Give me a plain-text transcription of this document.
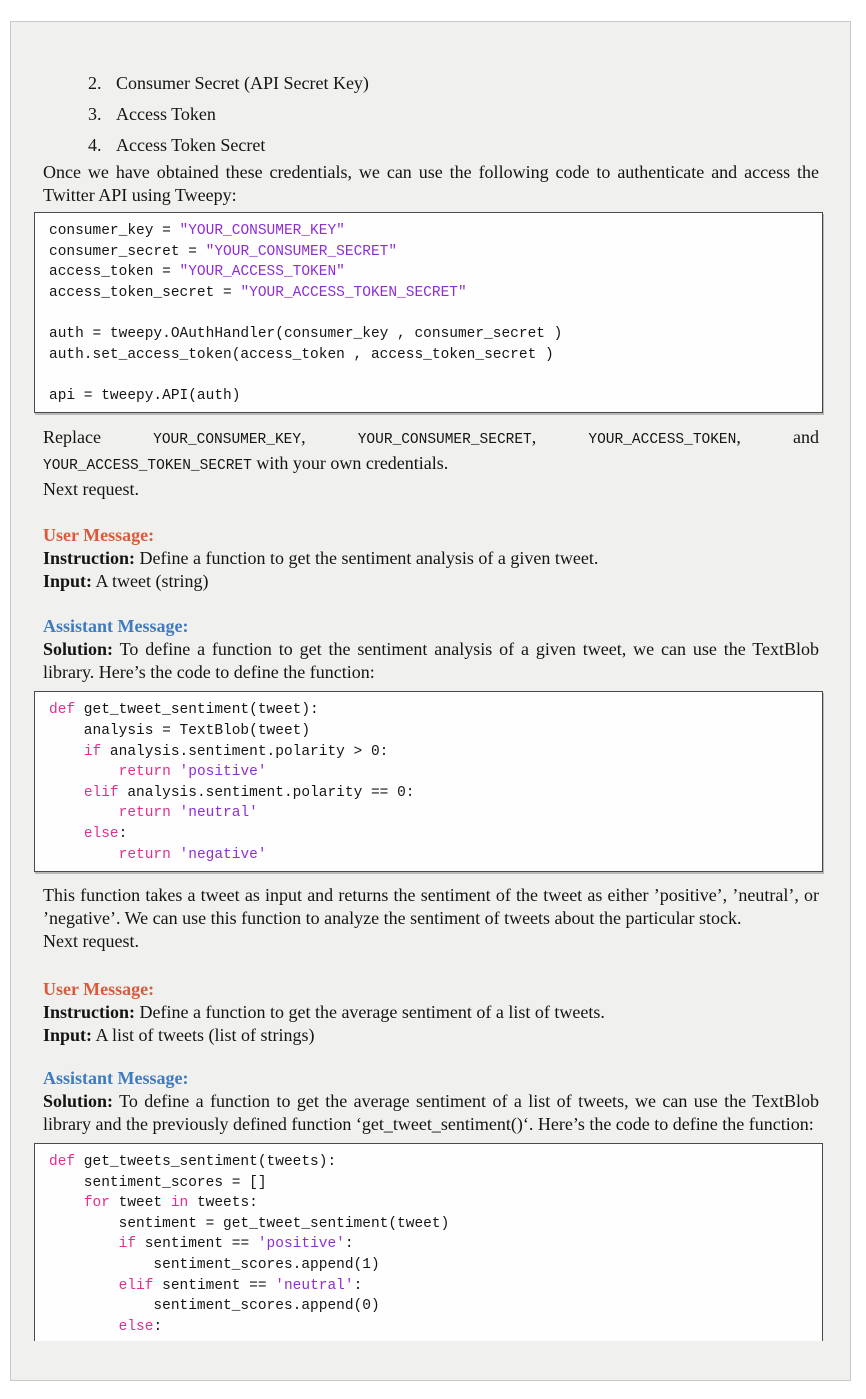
2. Consumer Secret (API Secret Key)
3. Access Token
4. Access Token Secret

Once we have obtained these credentials, we can use the following code to authenticate and access the Twitter API using Tweepy:

consumer_key = "YOUR_CONSUMER_KEY"
consumer_secret = "YOUR_CONSUMER_SECRET"
access_token = "YOUR_ACCESS_TOKEN"
access_token_secret = "YOUR_ACCESS_TOKEN_SECRET"

auth = tweepy.OAuthHandler(consumer_key , consumer_secret )
auth.set_access_token(access_token , access_token_secret )

api = tweepy.API(auth)
Replace YOUR_CONSUMER_KEY, YOUR_CONSUMER_SECRET, YOUR_ACCESS_TOKEN, and YOUR_ACCESS_TOKEN_SECRET with your own credentials.
Next request.
User Message:
Instruction: Define a function to get the sentiment analysis of a given tweet.
Input: A tweet (string)
Assistant Message:

Solution: To define a function to get the sentiment analysis of a given tweet, we can use the TextBlob library. Here’s the code to define the function:

def get_tweet_sentiment(tweet):
analysis = TextBlob(tweet)
if analysis.sentiment.polarity > 0:
return 'positive'
elif analysis.sentiment.polarity == 0:
return 'neutral'
else:
return 'negative'
This function takes a tweet as input and returns the sentiment of the tweet as either ’positive’, ’neutral’, or ’negative’. We can use this function to analyze the sentiment of tweets about the particular stock.
Next request.
User Message:
Instruction: Define a function to get the average sentiment of a list of tweets.
Input: A list of tweets (list of strings)
Assistant Message:

Solution: To define a function to get the average sentiment of a list of tweets, we can use the TextBlob library and the previously defined function ‘get_tweet_sentiment()‘. Here’s the code to define the function:

def get_tweets_sentiment(tweets):
sentiment_scores = []
for tweet in tweets:
sentiment = get_tweet_sentiment(tweet)
if sentiment == 'positive':
sentiment_scores.append(1)
elif sentiment == 'neutral':
sentiment_scores.append(0)
else:
